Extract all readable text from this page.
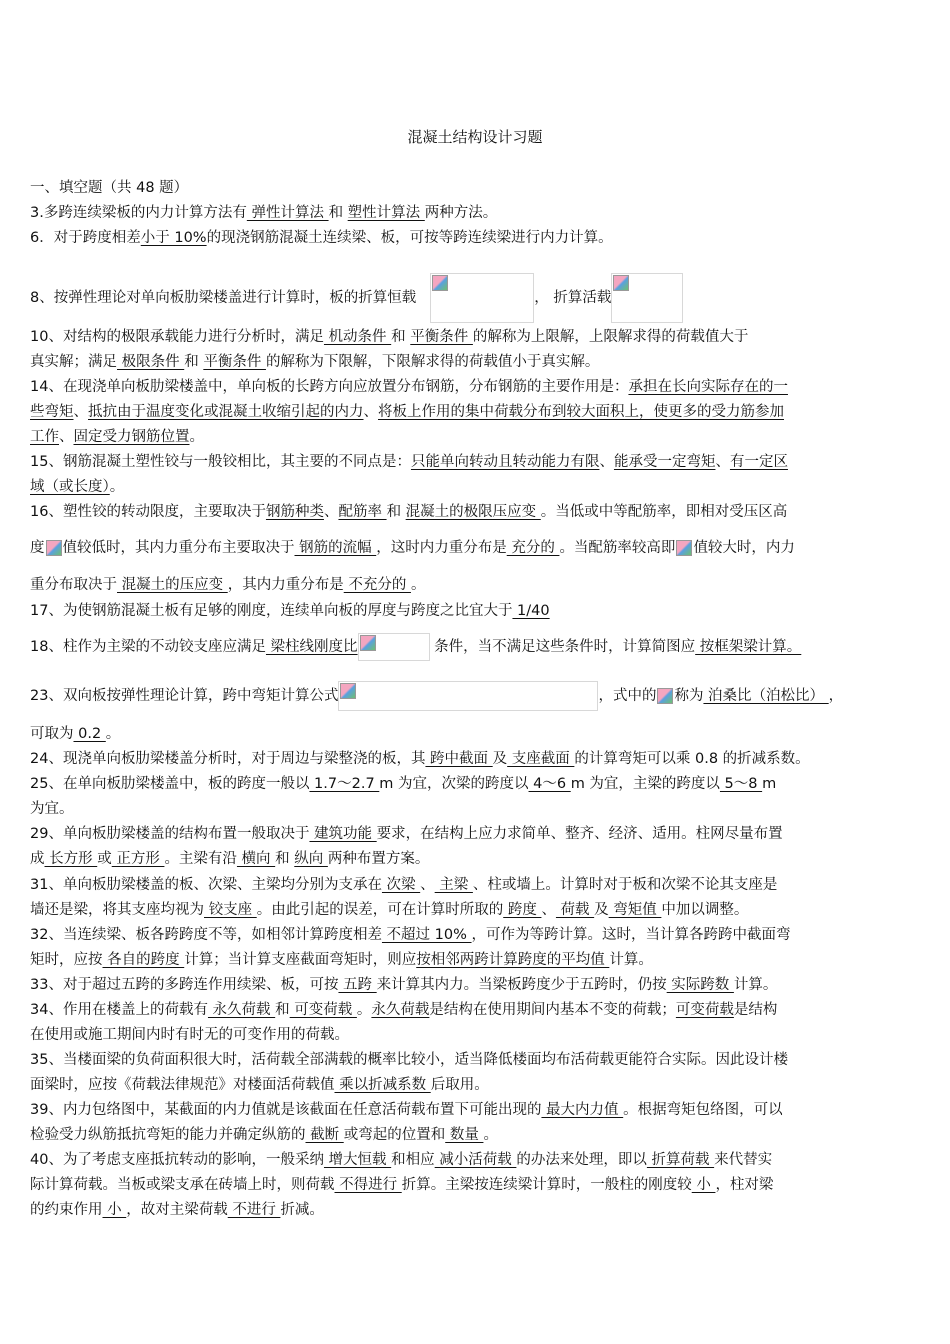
混凝土结构设计习题
一、填空题（共 48 题）
3.多跨连续梁板的内力计算方法有 弹性计算法 和 塑性计算法 两种方法。
6．对于跨度相差小于 10%的现浇钢筋混凝土连续梁、板，可按等跨连续梁进行内力计算。
8、按弹性理论对单向板肋梁楼盖进行计算时，板的折算恒载	， 折算活载
10、对结构的极限承载能力进行分析时，满足 机动条件 和 平衡条件 的解称为上限解，上限解求得的荷载值大于
真实解；满足 极限条件 和 平衡条件 的解称为下限解，下限解求得的荷载值小于真实解。
14、在现浇单向板肋梁楼盖中，单向板的长跨方向应放置分布钢筋，分布钢筋的主要作用是：承担在长向实际存在的一
些弯矩、抵抗由于温度变化或混凝土收缩引起的内力、将板上作用的集中荷载分布到较大面积上，使更多的受力筋参加
工作、固定受力钢筋位置。
15、钢筋混凝土塑性铰与一般铰相比，其主要的不同点是：只能单向转动且转动能力有限、能承受一定弯矩、有一定区
域（或长度）。
16、塑性铰的转动限度，主要取决于钢筋种类、配筋率 和 混凝土的极限压应变 。当低或中等配筋率，即相对受压区高
度 值较低时，其内力重分布主要取决于 钢筋的流幅 ，这时内力重分布是 充分的 。当配筋率较高即 值较大时，内力
重分布取决于 混凝土的压应变 ，其内力重分布是 不充分的 。
17、为使钢筋混凝土板有足够的刚度，连续单向板的厚度与跨度之比宜大于 1/40
18、柱作为主梁的不动铰支座应满足 梁柱线刚度比	条件，当不满足这些条件时，计算简图应 按框架梁计算。
23、双向板按弹性理论计算，跨中弯矩计算公式	，式中的 称为 泊桑比（泊松比） ，
可取为 0.2 。
24、现浇单向板肋梁楼盖分析时，对于周边与梁整浇的板，其 跨中截面 及 支座截面 的计算弯矩可以乘 0.8 的折减系数。
25、在单向板肋梁楼盖中，板的跨度一般以 1.7～2.7 m 为宜，次梁的跨度以 4～6 m 为宜，主梁的跨度以 5～8 m
为宜。
29、单向板肋梁楼盖的结构布置一般取决于 建筑功能 要求，在结构上应力求简单、整齐、经济、适用。柱网尽量布置
成 长方形 或 正方形 。主梁有沿 横向 和 纵向 两种布置方案。
31、单向板肋梁楼盖的板、次梁、主梁均分别为支承在 次梁 、 主梁 、柱或墙上。计算时对于板和次梁不论其支座是
墙还是梁，将其支座均视为 铰支座 。由此引起的误差，可在计算时所取的 跨度 、 荷载 及 弯矩值 中加以调整。
32、当连续梁、板各跨跨度不等，如相邻计算跨度相差 不超过 10% ，可作为等跨计算。这时，当计算各跨跨中截面弯
矩时，应按 各自的跨度 计算；当计算支座截面弯矩时，则应按相邻两跨计算跨度的平均值 计算。
33、对于超过五跨的多跨连作用续梁、板，可按 五跨 来计算其内力。当梁板跨度少于五跨时，仍按 实际跨数 计算。
34、作用在楼盖上的荷载有 永久荷载 和 可变荷载 。永久荷载是结构在使用期间内基本不变的荷载；可变荷载是结构
在使用或施工期间内时有时无的可变作用的荷载。
35、当楼面梁的负荷面积很大时，活荷载全部满载的概率比较小，适当降低楼面均布活荷载更能符合实际。因此设计楼
面梁时，应按《荷载法律规范》对楼面活荷载值 乘以折减系数 后取用。
39、内力包络图中，某截面的内力值就是该截面在任意活荷载布置下可能出现的 最大内力值 。根据弯矩包络图，可以
检验受力纵筋抵抗弯矩的能力并确定纵筋的 截断 或弯起的位置和 数量 。
40、为了考虑支座抵抗转动的影响，一般采纳 增大恒载 和相应 减小活荷载 的办法来处理，即以 折算荷载 来代替实
际计算荷载。当板或梁支承在砖墙上时，则荷载 不得进行 折算。主梁按连续梁计算时，一般柱的刚度较 小 ，柱对梁
的约束作用 小 ，故对主梁荷载 不进行 折减。
